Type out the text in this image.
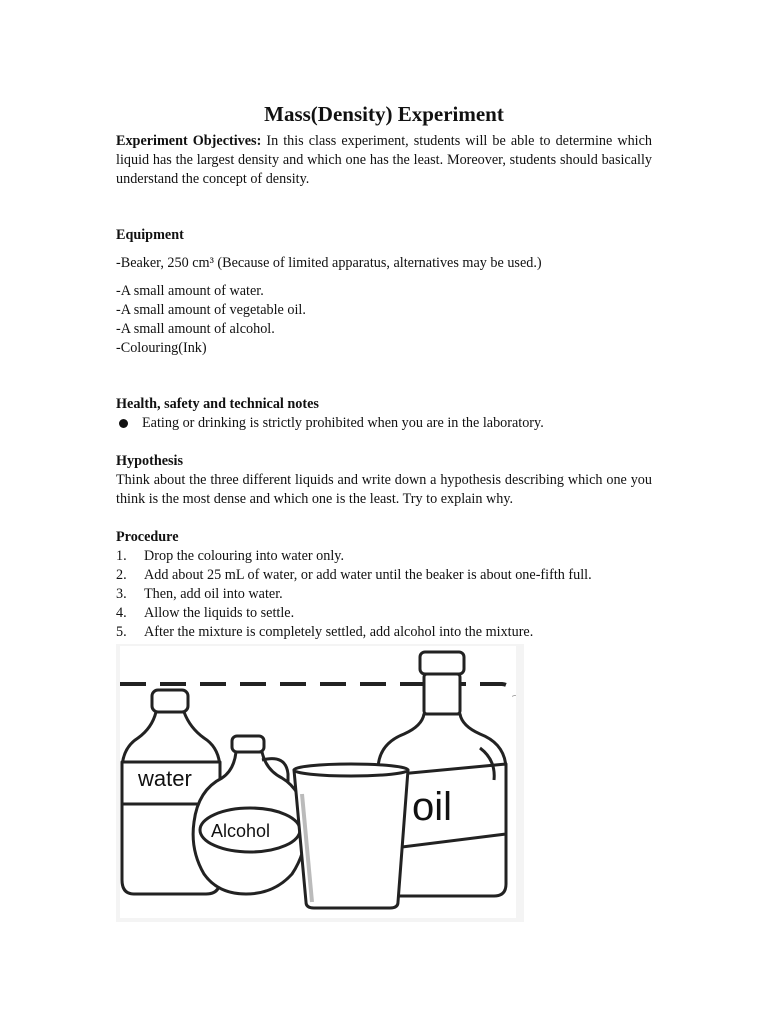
Mass(Density) Experiment

Experiment Objectives: In this class experiment, students will be able to determine which liquid has the largest density and which one has the least. Moreover, students should basically understand the concept of density.

Equipment

-Beaker, 250 cm³ (Because of limited apparatus, alternatives may be used.)

-A small amount of water.

-A small amount of vegetable oil.

-A small amount of alcohol.

-Colouring(Ink)

Health, safety and technical notes

Eating or drinking is strictly prohibited when you are in the laboratory.

Hypothesis

Think about the three different liquids and write down a hypothesis describing which one you think is the most dense and which one is the least. Try to explain why.

Procedure

1.	Drop the colouring into water only.
2.	Add about 25 mL of water, or add water until the beaker is about one-fifth full.
3.	Then, add oil into water.
4.	Allow the liquids to settle.
5.	After the mixture is completely settled, add alcohol into the mixture.
water
Alcohol
oil
